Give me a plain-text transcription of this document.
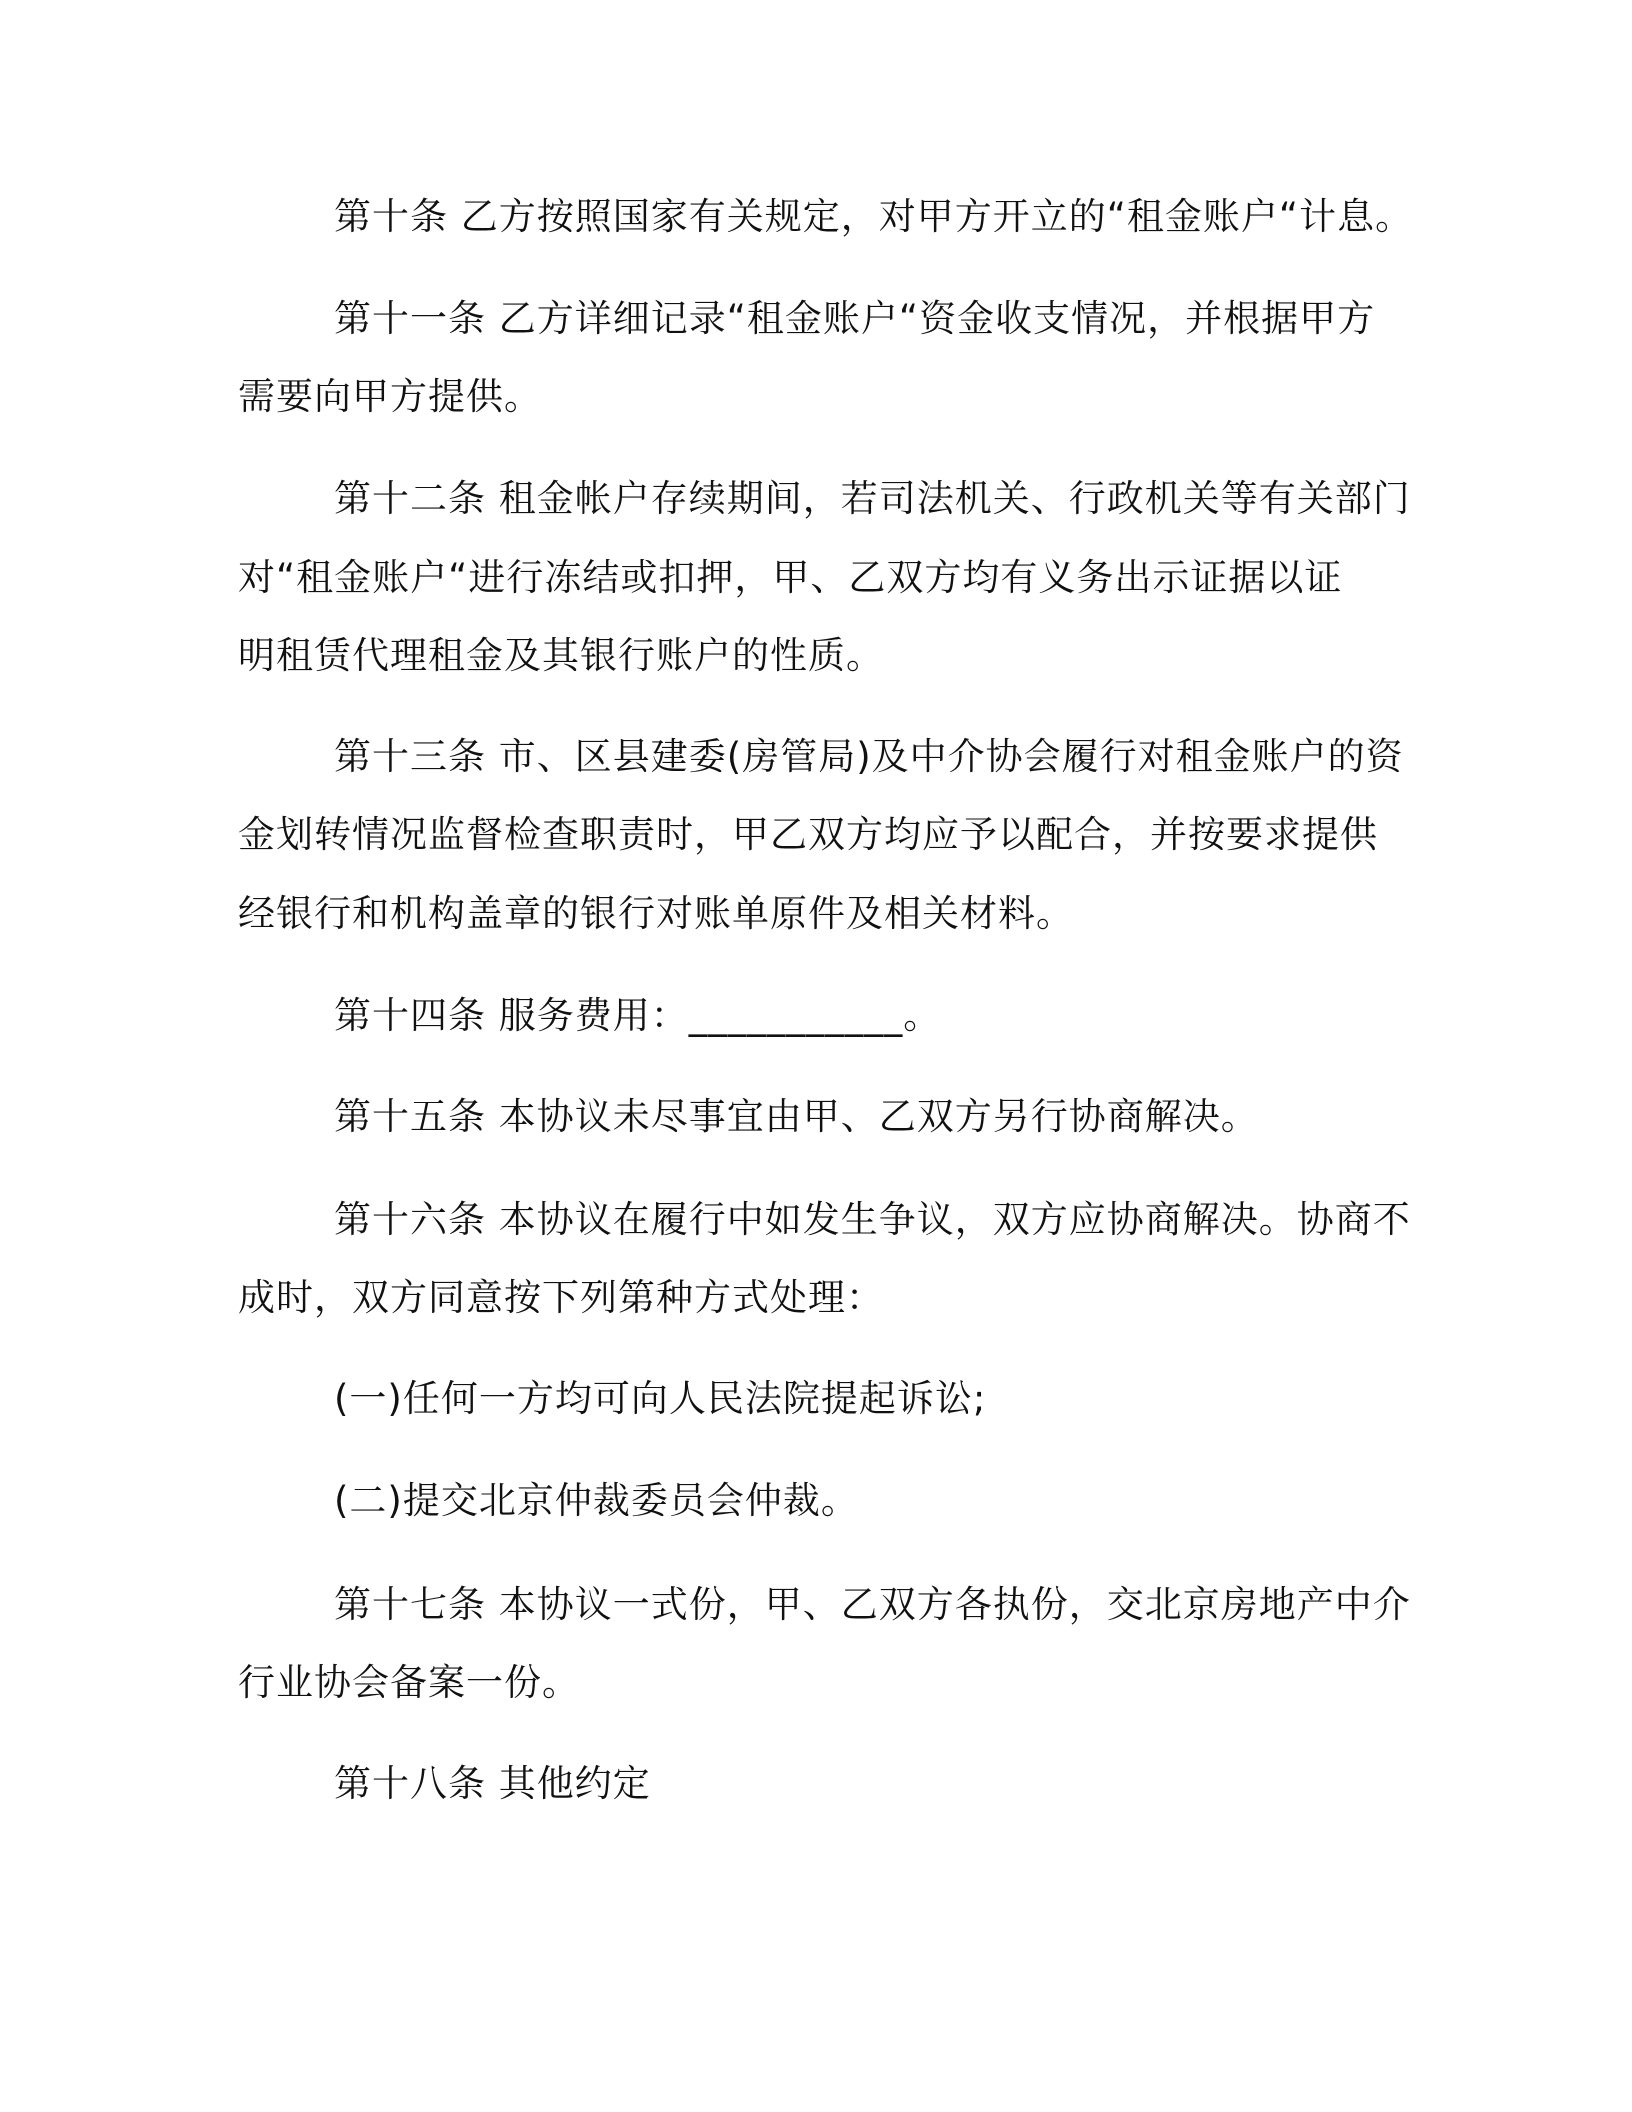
第十条 乙方按照国家有关规定，对甲方开立的“租金账户“计息。
第十一条 乙方详细记录“租金账户“资金收支情况，并根据甲方
需要向甲方提供。
第十二条 租金帐户存续期间，若司法机关、行政机关等有关部门
对“租金账户“进行冻结或扣押，甲、乙双方均有义务出示证据以证
明租赁代理租金及其银行账户的性质。
第十三条 市、区县建委(房管局)及中介协会履行对租金账户的资
金划转情况监督检查职责时，甲乙双方均应予以配合，并按要求提供
经银行和机构盖章的银行对账单原件及相关材料。
第十四条 服务费用：___________。
第十五条 本协议未尽事宜由甲、乙双方另行协商解决。
第十六条 本协议在履行中如发生争议，双方应协商解决。协商不
成时，双方同意按下列第种方式处理：
(一)任何一方均可向人民法院提起诉讼;
(二)提交北京仲裁委员会仲裁。
第十七条 本协议一式份，甲、乙双方各执份，交北京房地产中介
行业协会备案一份。
第十八条 其他约定
